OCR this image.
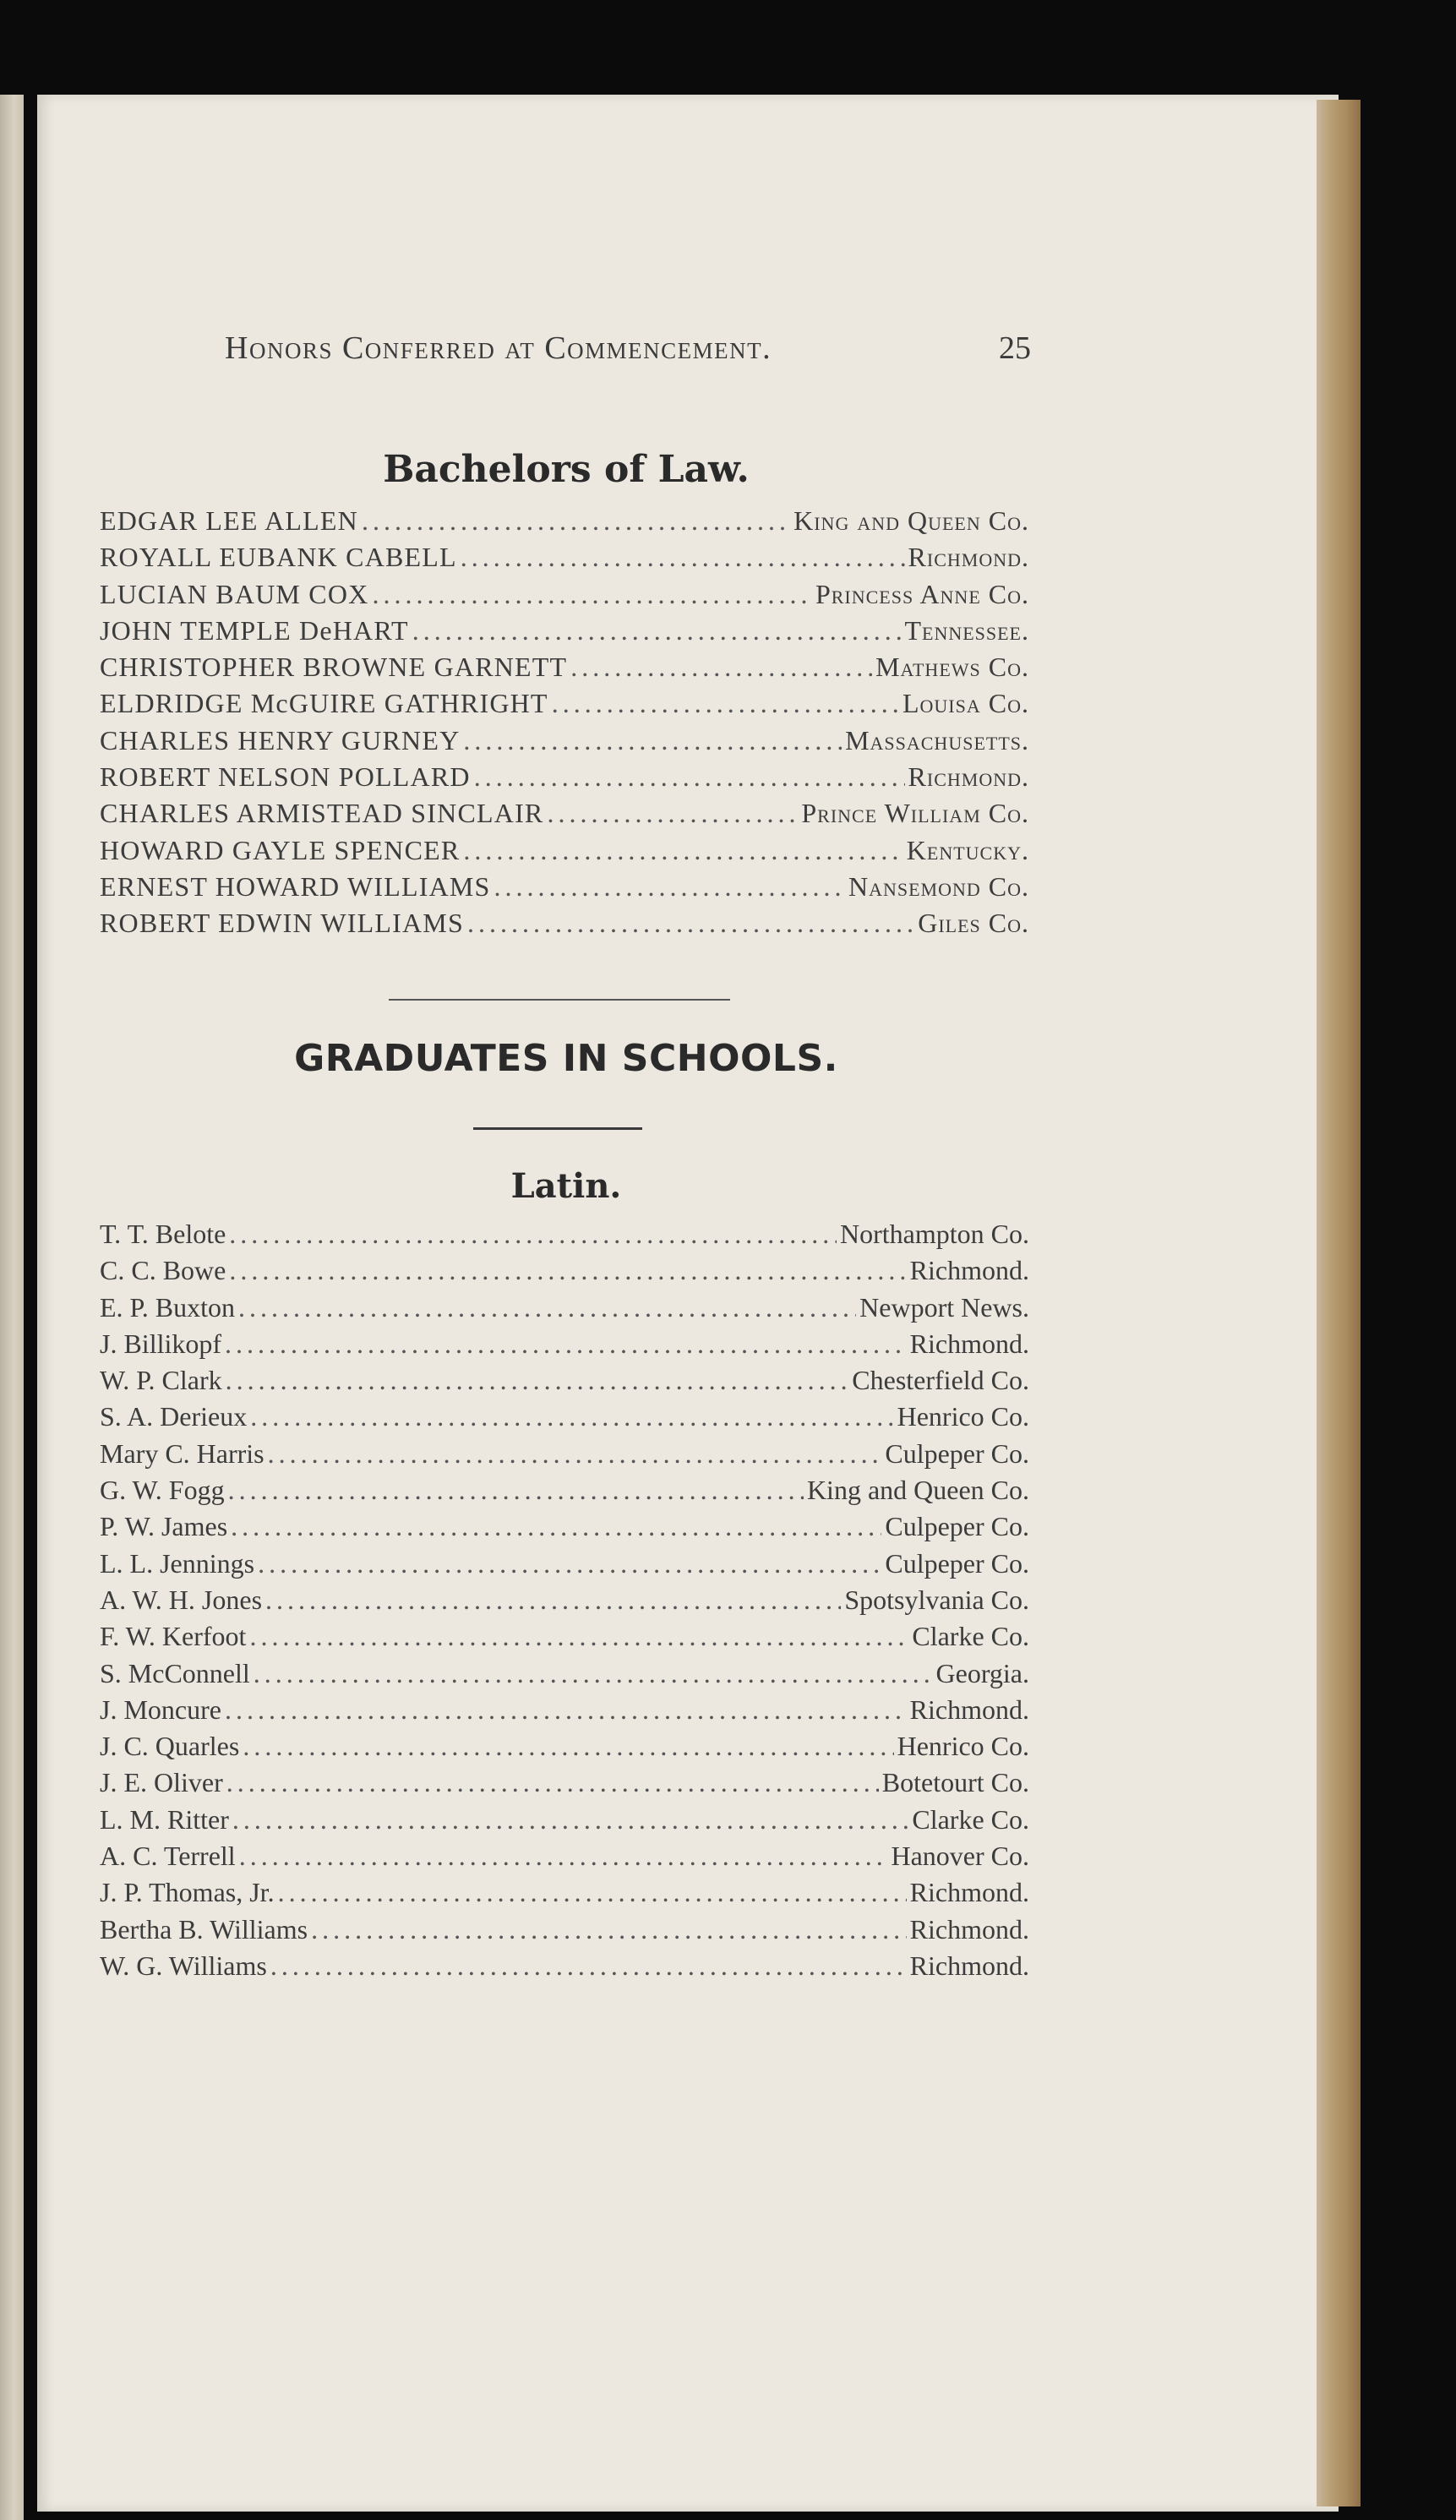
Honors Conferred at Commencement.	25
Bachelors of Law.
EDGAR LEE ALLEN .....	King and Queen Co.
ROYALL EUBANK CABELL .....	Richmond.
LUCIAN BAUM COX .....	Princess Anne Co.
JOHN TEMPLE DeHART .....	Tennessee.
CHRISTOPHER BROWNE GARNETT .....	Mathews Co.
ELDRIDGE McGUIRE GATHRIGHT .....	Louisa Co.
CHARLES HENRY GURNEY .....	Massachusetts.
ROBERT NELSON POLLARD .....	Richmond.
CHARLES ARMISTEAD SINCLAIR .....	Prince William Co.
HOWARD GAYLE SPENCER .....	Kentucky.
ERNEST HOWARD WILLIAMS .....	Nansemond Co.
ROBERT EDWIN WILLIAMS .....	Giles Co.
GRADUATES IN SCHOOLS.
Latin.
T. T. Belote .....	Northampton Co.
C. C. Bowe .....	Richmond.
E. P. Buxton .....	Newport News.
J. Billikopf .....	Richmond.
W. P. Clark .....	Chesterfield Co.
S. A. Derieux .....	Henrico Co.
Mary C. Harris .....	Culpeper Co.
G. W. Fogg .....	King and Queen Co.
P. W. James .....	Culpeper Co.
L. L. Jennings .....	Culpeper Co.
A. W. H. Jones .....	Spotsylvania Co.
F. W. Kerfoot .....	Clarke Co.
S. McConnell .....	Georgia.
J. Moncure .....	Richmond.
J. C. Quarles .....	Henrico Co.
J. E. Oliver .....	Botetourt Co.
L. M. Ritter .....	Clarke Co.
A. C. Terrell .....	Hanover Co.
J. P. Thomas, Jr. .....	Richmond.
Bertha B. Williams .....	Richmond.
W. G. Williams .....	Richmond.
